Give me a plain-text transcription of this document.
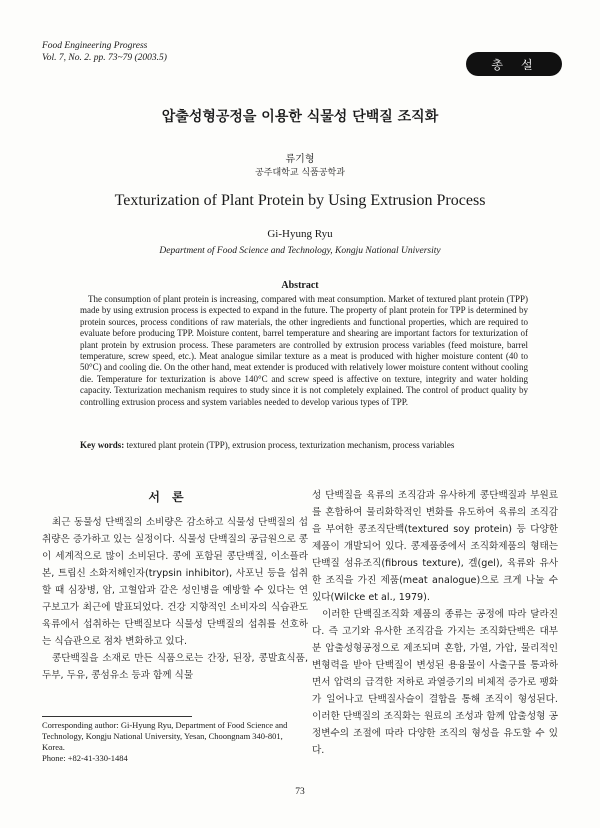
Food Engineering Progress
Vol. 7, No. 2. pp. 73~79 (2003.5)	총설
압출성형공정을 이용한 식물성 단백질 조직화
류기형
공주대학교 식품공학과
Texturization of Plant Protein by Using Extrusion Process
Gi-Hyung Ryu
Department of Food Science and Technology, Kongju National University
Abstract
The consumption of plant protein is increasing, compared with meat consumption. Market of textured plant protein (TPP) made by using extrusion process is expected to expand in the future. The property of plant protein for TPP is determined by protein sources, process conditions of raw materials, the other ingredients and functional properties, which are required to evaluate before producing TPP. Moisture content, barrel temperature and shearing are important factors for texturization of plant protein by extrusion process. These parameters are controlled by extrusion process variables (feed moisture, barrel temperature, screw speed, etc.). Meat analogue similar texture as a meat is produced with higher moisture content (40 to 50°C) and cooling die. On the other hand, meat extender is produced with relatively lower moisture content without cooling die. Temperature for texturization is above 140°C and screw speed is affective on texture, integrity and water holding capacity. Texturization mechanism requires to study since it is not completely explained. The control of product quality by controlling extrusion process and system variables needed to develop various types of TPP.
Key words: textured plant protein (TPP), extrusion process, texturization mechanism, process variables
서론

최근 동물성 단백질의 소비량은 감소하고 식물성 단백질의 섭취량은 증가하고 있는 실정이다. 식물성 단백질의 공급원으로 콩이 세계적으로 많이 소비된다. 콩에 포함된 콩단백질, 이소플라본, 트립신 소화저해인자(trypsin inhibitor), 사포닌 등을 섭취할 때 심장병, 암, 고혈압과 같은 성인병을 예방할 수 있다는 연구보고가 최근에 발표되었다. 건강 지향적인 소비자의 식습관도 육류에서 섭취하는 단백질보다 식물성 단백질의 섭취를 선호하는 식습관으로 점차 변화하고 있다.

콩단백질을 소재로 만든 식품으로는 간장, 된장, 콩발효식품, 두부, 두유, 콩섬유소 등과 함께 식물

성 단백질을 육류의 조직감과 유사하게 콩단백질과 부원료를 혼합하여 물리화학적인 변화를 유도하여 육류의 조직감을 부여한 콩조직단백(textured soy protein) 등 다양한 제품이 개발되어 있다. 콩제품중에서 조직화제품의 형태는 단백질 섬유조직(fibrous texture), 겔(gel), 육류와 유사한 조직을 가진 제품(meat analogue)으로 크게 나눌 수 있다(Wilcke et al., 1979).

이러한 단백질조직화 제품의 종류는 공정에 따라 달라진다. 즉 고기와 유사한 조직감을 가지는 조직화단백은 대부분 압출성형공정으로 제조되며 혼합, 가열, 가압, 물리적인 변형력을 받아 단백질이 변성된 용융물이 사출구를 통과하면서 압력의 급격한 저하로 과열증기의 비체적 증가로 팽화가 일어나고 단백질사슬이 결합을 통해 조직이 형성된다. 이러한 단백질의 조직화는 원료의 조성과 함께 압출성형 공정변수의 조절에 따라 다양한 조직의 형성을 유도할 수 있다.

Corresponding author: Gi-Hyung Ryu, Department of Food Science and Technology, Kongju National University, Yesan, Choongnam 340-801, Korea.
Phone: +82-41-330-1484
73
